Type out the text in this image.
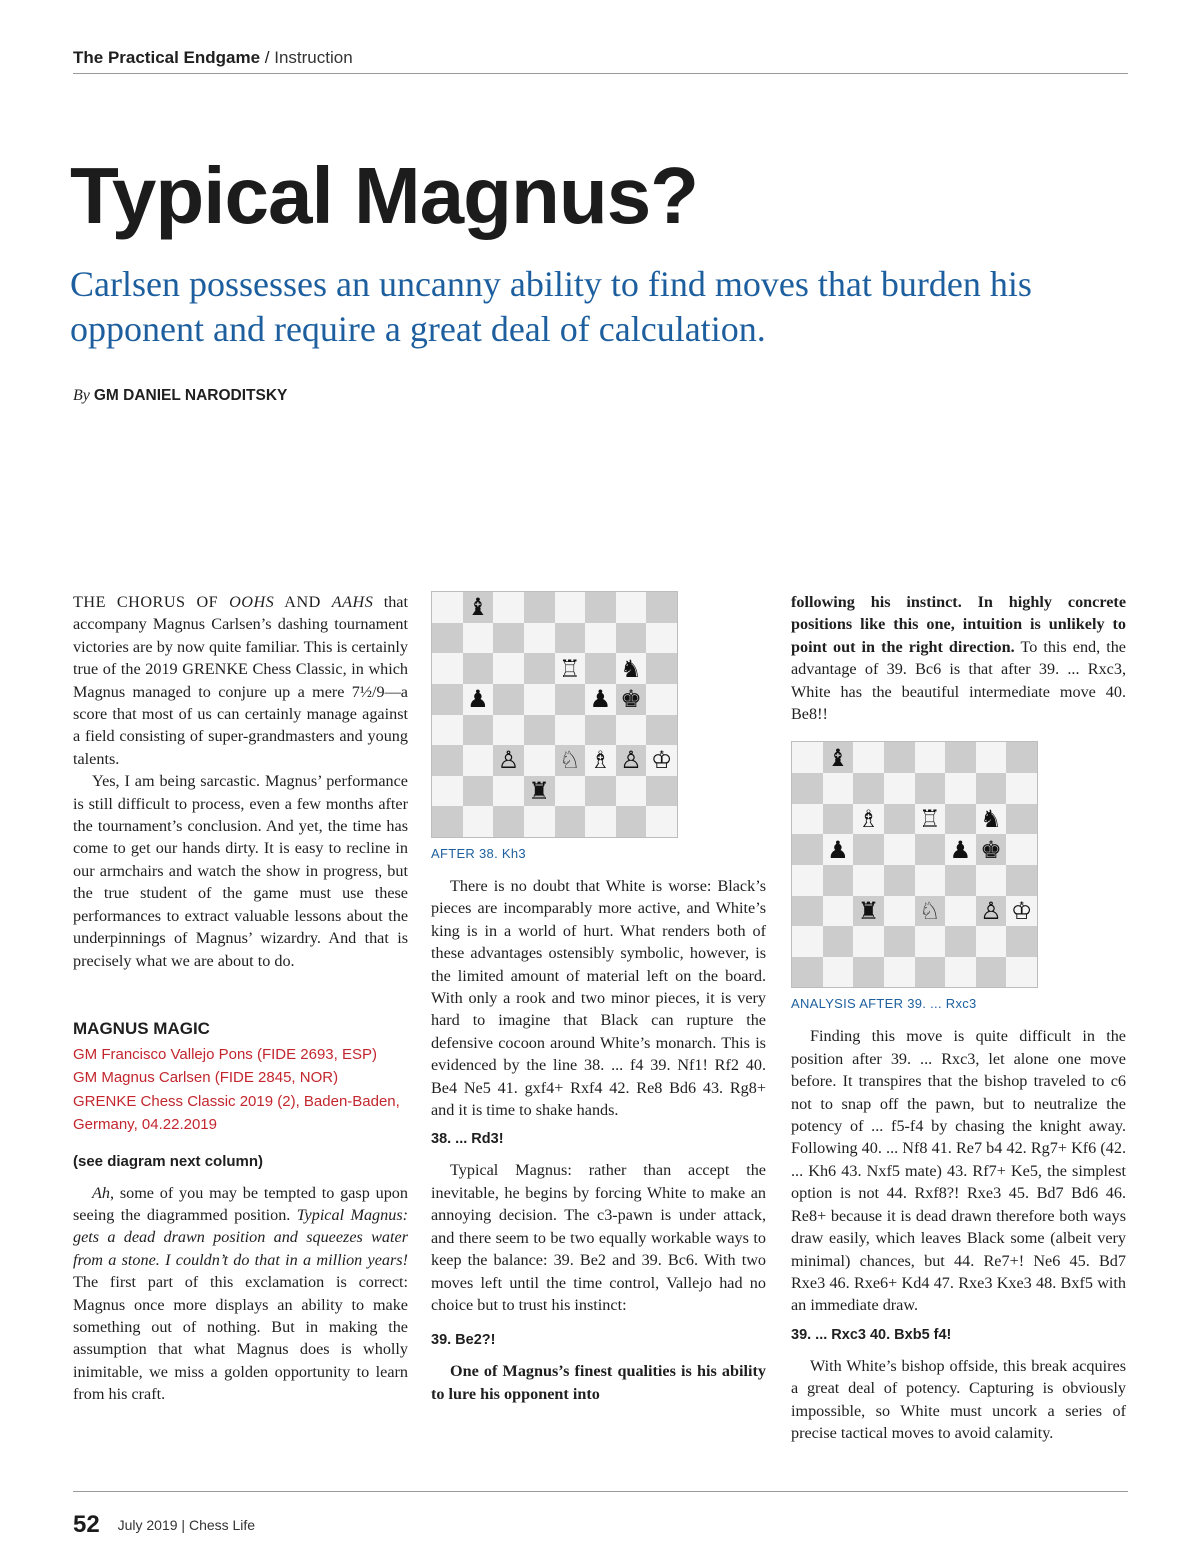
The Practical Endgame / Instruction
Typical Magnus?
Carlsen possesses an uncanny ability to find moves that burden his opponent and require a great deal of calculation.
By GM DANIEL NARODITSKY

THE CHORUS OF OOHS AND AAHS that accompany Magnus Carlsen’s dashing tournament victories are by now quite familiar. This is certainly true of the 2019 GRENKE Chess Classic, in which Magnus managed to conjure up a mere 7½/9—a score that most of us can certainly manage against a field consisting of super-grandmasters and young talents.

Yes, I am being sarcastic. Magnus’ performance is still difficult to process, even a few months after the tournament’s conclusion. And yet, the time has come to get our hands dirty. It is easy to recline in our armchairs and watch the show in progress, but the true student of the game must use these performances to extract valuable lessons about the underpinnings of Magnus’ wizardry. And that is precisely what we are about to do.

MAGNUS MAGIC
GM Francisco Vallejo Pons (FIDE 2693, ESP)
GM Magnus Carlsen (FIDE 2845, NOR)
GRENKE Chess Classic 2019 (2), Baden-Baden, Germany, 04.22.2019
(see diagram next column)

Ah, some of you may be tempted to gasp upon seeing the diagrammed position. Typical Magnus: gets a dead drawn position and squeezes water from a stone. I couldn’t do that in a million years! The first part of this exclamation is correct: Magnus once more displays an ability to make something out of nothing. But in making the assumption that what Magnus does is wholly inimitable, we miss a golden opportunity to learn from his craft.

♝
♖ ♞
♟	♟ ♚
♙ ♘ ♗ ♙ ♔
♜
AFTER 38. Kh3

There is no doubt that White is worse: Black’s pieces are incomparably more active, and White’s king is in a world of hurt. What renders both of these advantages ostensibly symbolic, however, is the limited amount of material left on the board. With only a rook and two minor pieces, it is very hard to imagine that Black can rupture the defensive cocoon around White’s monarch. This is evidenced by the line 38. ... f4 39. Nf1! Rf2 40. Be4 Ne5 41. gxf4+ Rxf4 42. Re8 Bd6 43. Rg8+ and it is time to shake hands.

38. ... Rd3!

Typical Magnus: rather than accept the inevitable, he begins by forcing White to make an annoying decision. The c3-pawn is under attack, and there seem to be two equally workable ways to keep the balance: 39. Be2 and 39. Bc6. With two moves left until the time control, Vallejo had no choice but to trust his instinct:

39. Be2?!

One of Magnus’s finest qualities is his ability to lure his opponent into

following his instinct. In highly concrete positions like this one, intuition is unlikely to point out in the right direction. To this end, the advantage of 39. Bc6 is that after 39. ... Rxc3, White has the beautiful intermediate move 40. Be8!!

♝
♗ ♖ ♞
♟	♟ ♚
♜ ♘ ♙ ♔
ANALYSIS AFTER 39. ... Rxc3

Finding this move is quite difficult in the position after 39. ... Rxc3, let alone one move before. It transpires that the bishop traveled to c6 not to snap off the pawn, but to neutralize the potency of ... f5-f4 by chasing the knight away. Following 40. ... Nf8 41. Re7 b4 42. Rg7+ Kf6 (42. ... Kh6 43. Nxf5 mate) 43. Rf7+ Ke5, the simplest option is not 44. Rxf8?! Rxe3 45. Bd7 Bd6 46. Re8+ because it is dead drawn therefore both ways draw easily, which leaves Black some (albeit very minimal) chances, but 44. Re7+! Ne6 45. Bd7 Rxe3 46. Rxe6+ Kd4 47. Rxe3 Kxe3 48. Bxf5 with an immediate draw.

39. ... Rxc3 40. Bxb5 f4!

With White’s bishop offside, this break acquires a great deal of potency. Capturing is obviously impossible, so White must uncork a series of precise tactical moves to avoid calamity.

52 July 2019 | Chess Life
